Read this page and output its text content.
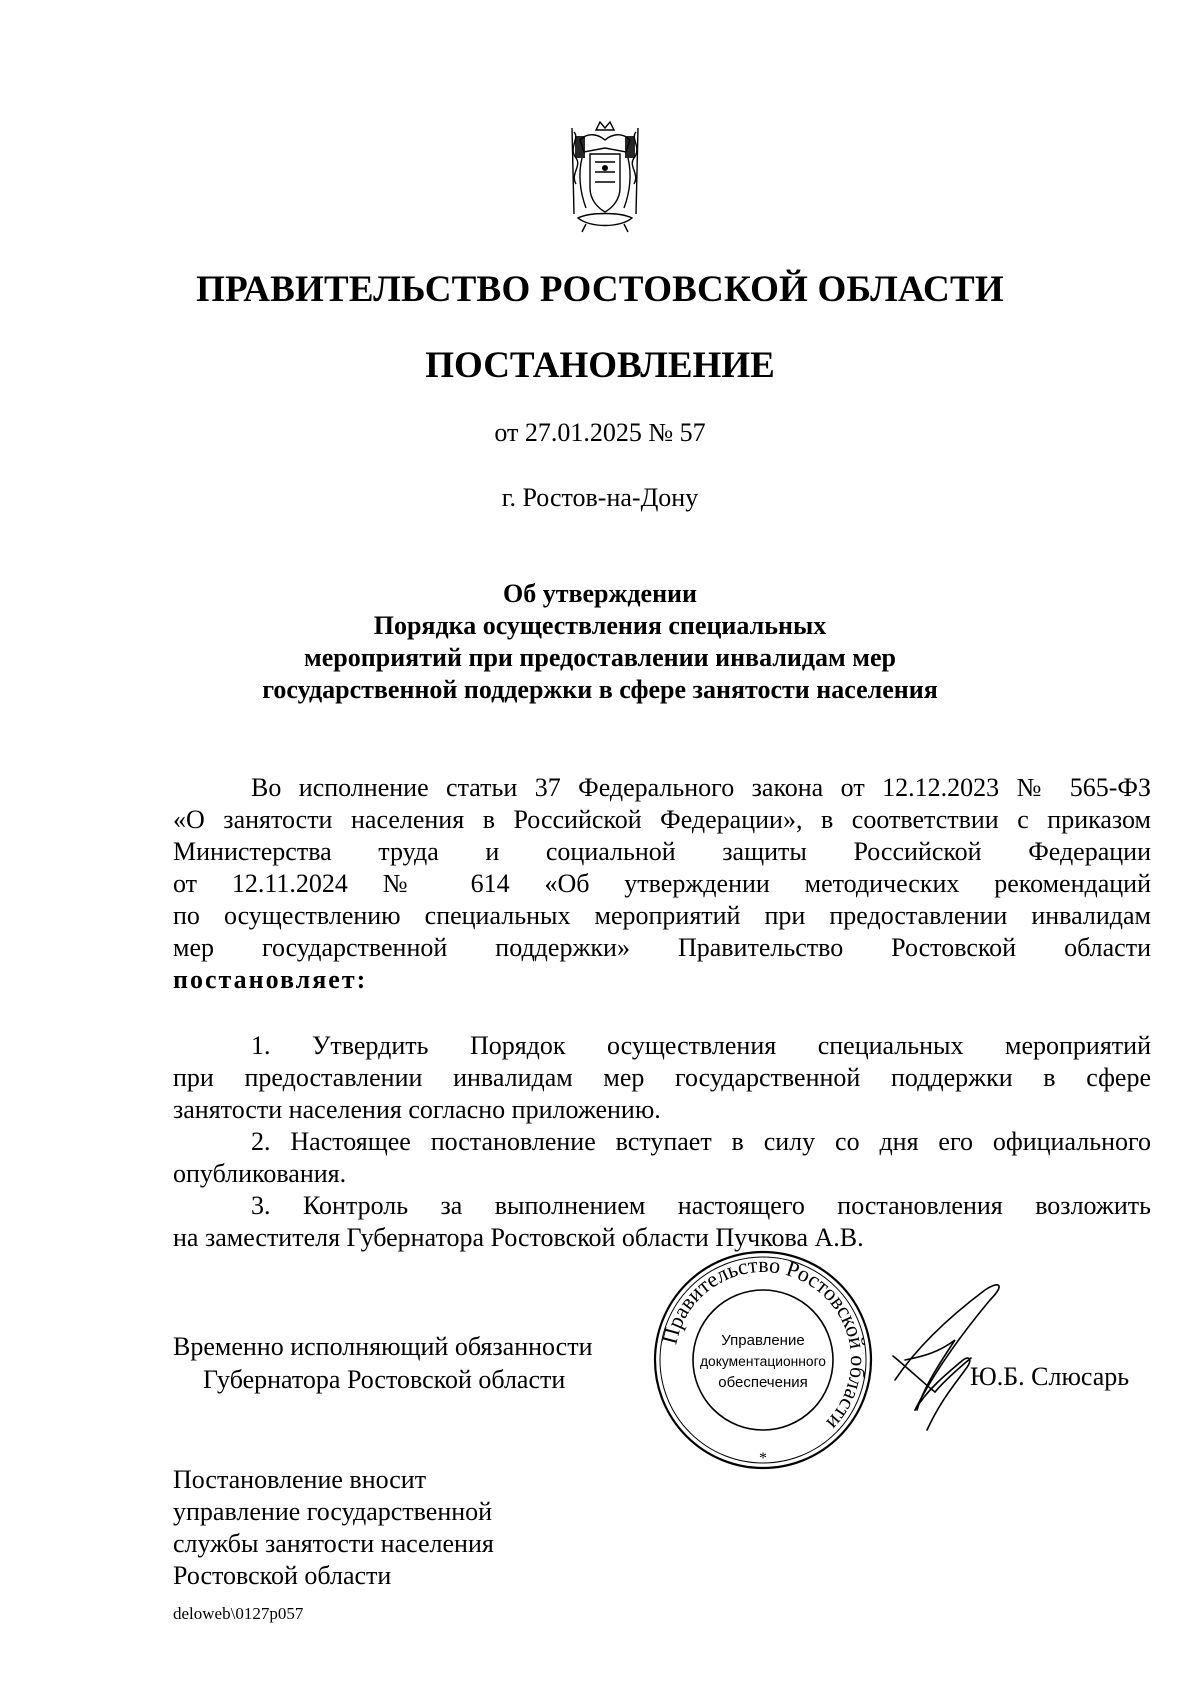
ПРАВИТЕЛЬСТВО РОСТОВСКОЙ ОБЛАСТИ
ПОСТАНОВЛЕНИЕ
от 27.01.2025 № 57
г. Ростов-на-Дону
Об утверждении
Порядка осуществления специальных
мероприятий при предоставлении инвалидам мер
государственной поддержки в сфере занятости населения
Во исполнение статьи 37 Федерального закона от 12.12.2023 № 565-ФЗ
«О занятости населения в Российской Федерации», в соответствии с приказом
Министерства труда и социальной защиты Российской Федерации
от 12.11.2024 № 614 «Об утверждении методических рекомендаций
по осуществлению специальных мероприятий при предоставлении инвалидам
мер государственной поддержки» Правительство Ростовской области
постановляет:
1. Утвердить Порядок осуществления специальных мероприятий
при предоставлении инвалидам мер государственной поддержки в сфере
занятости населения согласно приложению.
2. Настоящее постановление вступает в силу со дня его официального
опубликования.
3. Контроль за выполнением настоящего постановления возложить
на заместителя Губернатора Ростовской области Пучкова А.В.
Временно исполняющий обязанности
Губернатора Ростовской области
Правительство Ростовской области
Управление
документационного
обеспечения
*
Ю.Б. Слюсарь
Постановление вносит
управление государственной
службы занятости населения
Ростовской области
deloweb\0127p057
